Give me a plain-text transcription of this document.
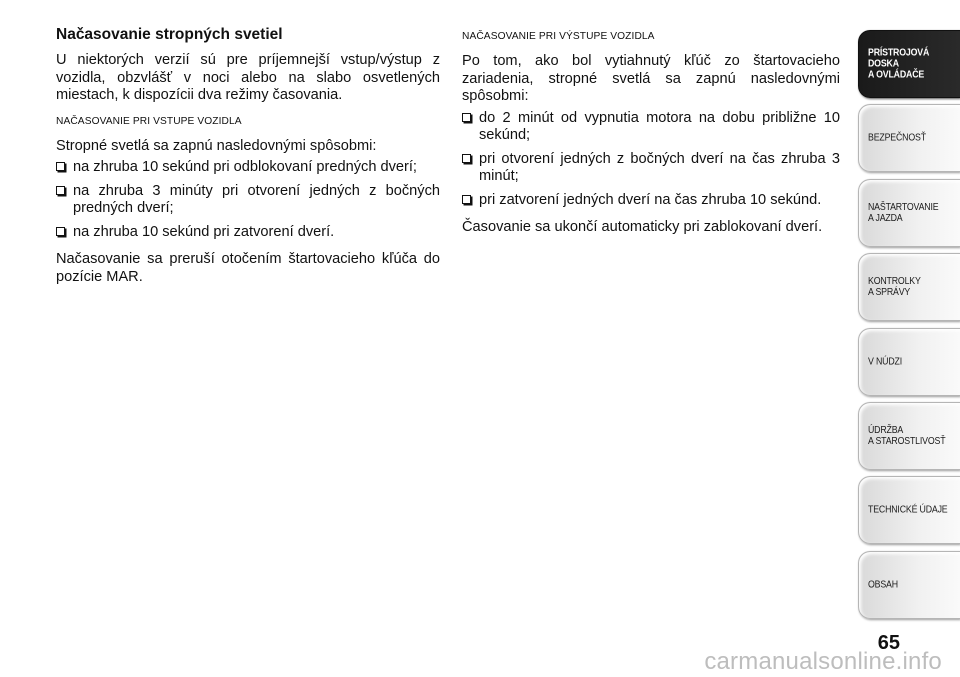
Načasovanie stropných svetiel

U niektorých verzií sú pre príjemnejší vstup/výstup z vozidla, obzvlášť v noci alebo na slabo osvetlených miestach, k dispozícii dva režimy časovania.

NAČASOVANIE PRI VSTUPE VOZIDLA

Stropné svetlá sa zapnú nasledovnými spôsobmi:

na zhruba 10 sekúnd pri odblokovaní predných dverí;
na zhruba 3 minúty pri otvorení jedných z bočných predných dverí;
na zhruba 10 sekúnd pri zatvorení dverí.

Načasovanie sa preruší otočením štartovacieho kľúča do pozície MAR.

NAČASOVANIE PRI VÝSTUPE VOZIDLA

Po tom, ako bol vytiahnutý kľúč zo štartovacieho zariadenia, stropné svetlá sa zapnú nasledovnými spôsobmi:

do 2 minút od vypnutia motora na dobu približne 10 sekúnd;
pri otvorení jedných z bočných dverí na čas zhruba 3 minút;
pri zatvorení jedných dverí na čas zhruba 10 sekúnd.

Časovanie sa ukončí automaticky pri zablokovaní dverí.

PRÍSTROJOVÁ
DOSKA
A OVLÁDAČE
BEZPEČNOSŤ
NAŠTARTOVANIE
A JAZDA
KONTROLKY
A SPRÁVY
V NÚDZI
ÚDRŽBA
A STAROSTLIVOSŤ
TECHNICKÉ ÚDAJE
OBSAH
65
carmanualsonline.info
